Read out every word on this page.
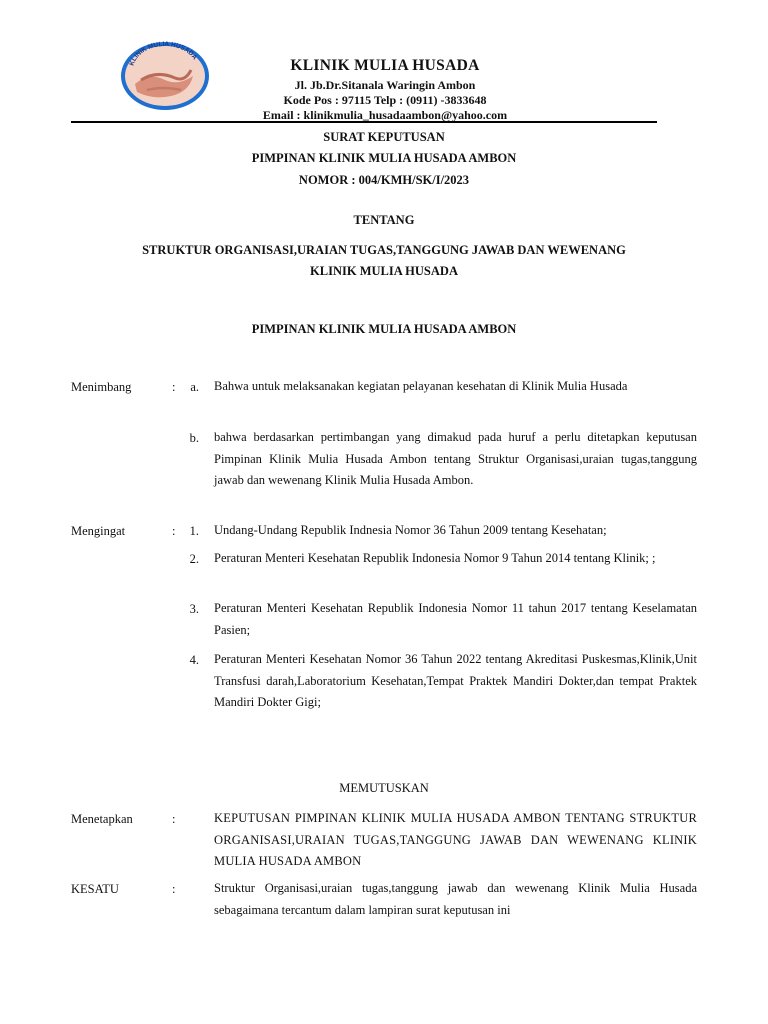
KLINIK MULIA HUSADA	KLINIK MULIA HUSADA
Jl. Jb.Dr.Sitanala Waringin Ambon
Kode Pos : 97115 Telp : (0911) -3833648
Email : klinikmulia_husadaambon@yahoo.com
SURAT KEPUTUSAN
PIMPINAN KLINIK MULIA HUSADA AMBON
NOMOR : 004/KMH/SK/I/2023
TENTANG
STRUKTUR ORGANISASI,URAIAN TUGAS,TANGGUNG JAWAB DAN WEWENANG
KLINIK MULIA HUSADA
PIMPINAN KLINIK MULIA HUSADA AMBON
Menimbang	:	a. Bahwa untuk melaksanakan kegiatan pelayanan kesehatan di Klinik Mulia Husada
b. bahwa berdasarkan pertimbangan yang dimakud pada huruf a perlu ditetapkan keputusan Pimpinan Klinik Mulia Husada Ambon tentang Struktur Organisasi,uraian tugas,tanggung jawab dan wewenang Klinik Mulia Husada Ambon.
Mengingat	:	1. Undang-Undang Republik Indnesia Nomor 36 Tahun 2009 tentang Kesehatan;
2. Peraturan Menteri Kesehatan Republik Indonesia Nomor 9 Tahun 2014 tentang Klinik; ;
3. Peraturan Menteri Kesehatan Republik Indonesia Nomor 11 tahun 2017 tentang Keselamatan Pasien;
4. Peraturan Menteri Kesehatan Nomor 36 Tahun 2022 tentang Akreditasi Puskesmas,Klinik,Unit Transfusi darah,Laboratorium Kesehatan,Tempat Praktek Mandiri Dokter,dan tempat Praktek Mandiri Dokter Gigi;
MEMUTUSKAN
Menetapkan	:	KEPUTUSAN PIMPINAN KLINIK MULIA HUSADA AMBON TENTANG STRUKTUR ORGANISASI,URAIAN TUGAS,TANGGUNG JAWAB DAN WEWENANG KLINIK MULIA HUSADA AMBON
KESATU	:	Struktur Organisasi,uraian tugas,tanggung jawab dan wewenang Klinik Mulia Husada sebagaimana tercantum dalam lampiran surat keputusan ini
